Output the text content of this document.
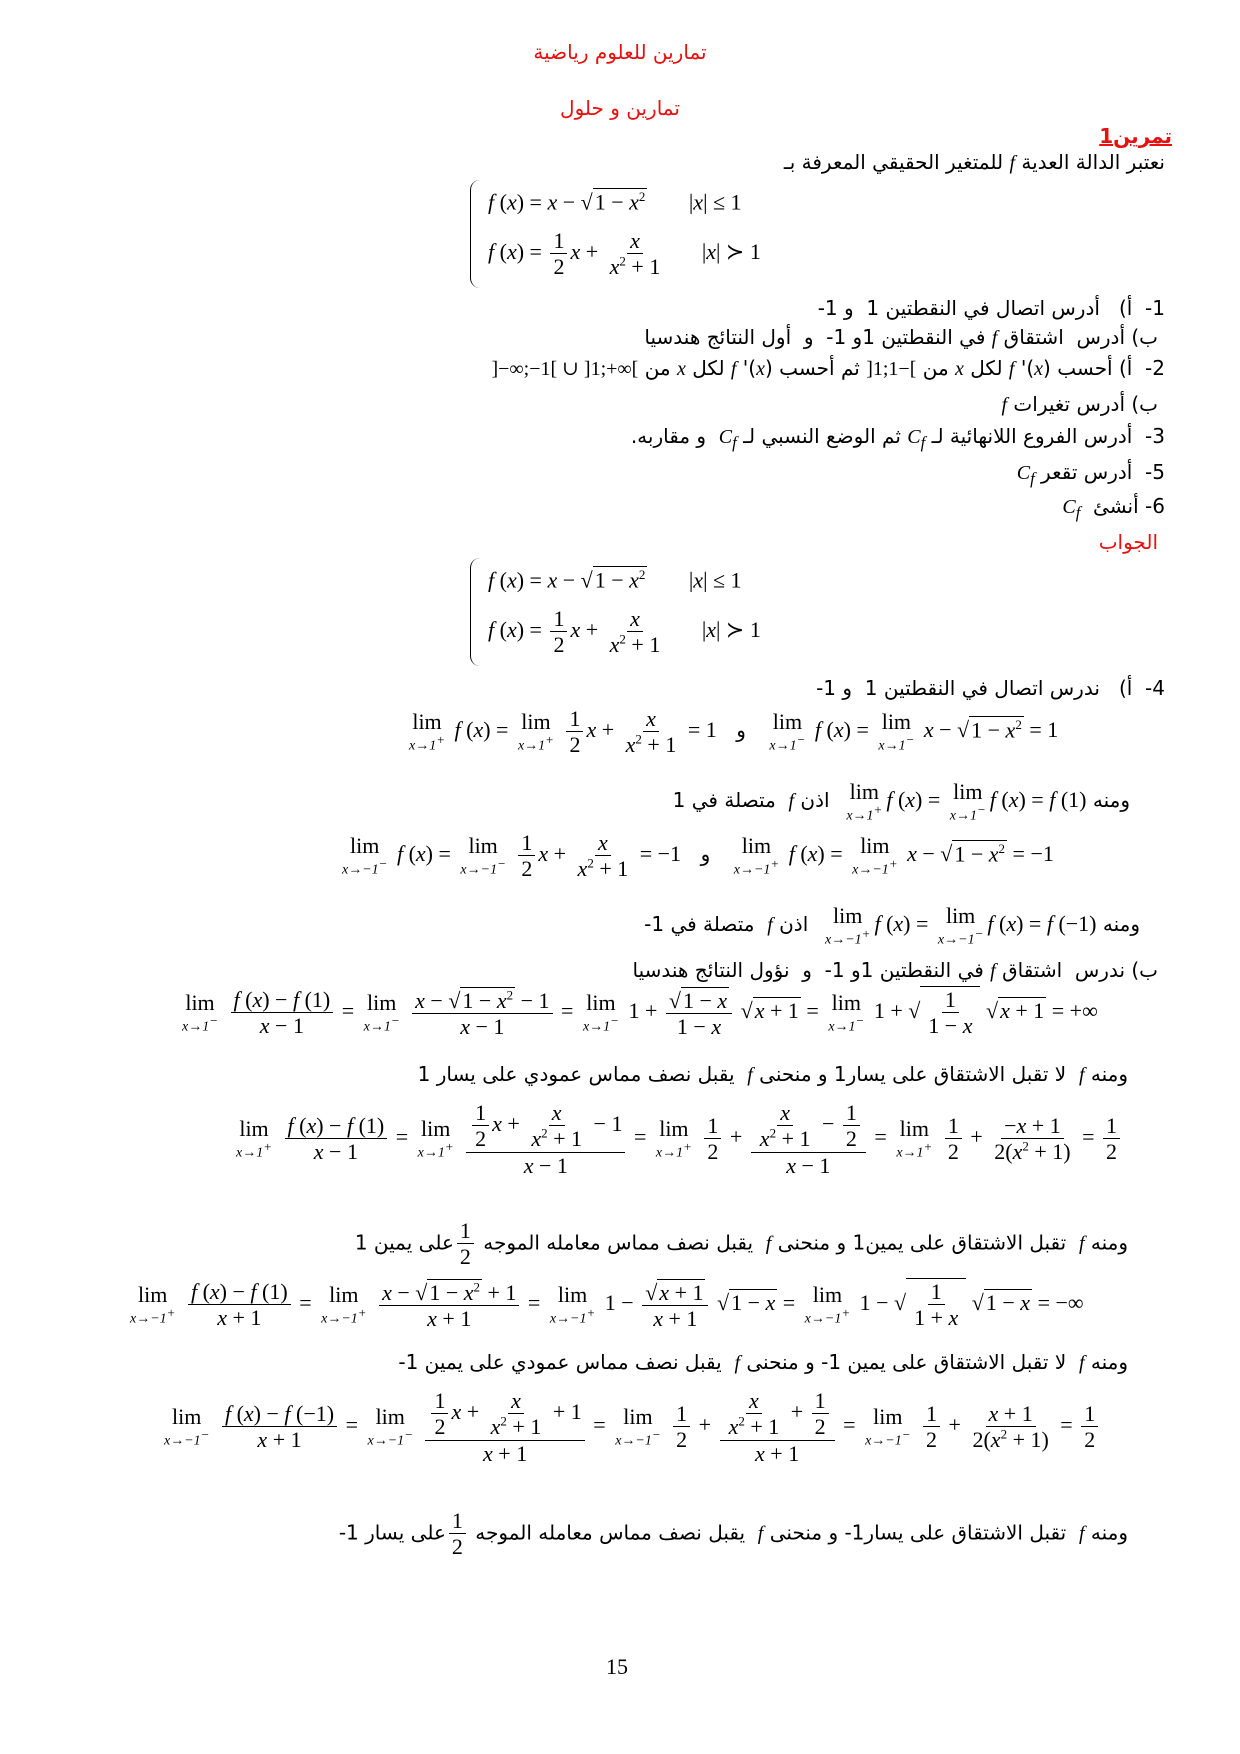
تمارين للعلوم رياضية
تمارين و حلول
تمرين1
نعتبر الدالة العدية f للمتغير الحقيقي المعرفة بـ
f $(x) = x - √1 - x^2$ |x| ≤ 1
f $(x) = \frac{1}{2}$ $x + \frac{x}{x^2 + 1} |x|$ ≻ 1
1-  أ)   أدرس اتصال في النقطتين 1  و 1-
ب) أدرس  اشتقاق f في النقطتين 1و 1-  و  أول النتائج هندسيا
2-  أ) أحسب f '(x) لكل x من ]−1;1[ ثم أحسب f '(x) لكل x من ]−∞;−1[ ∪ ]1;+∞[
ب) أدرس تغيرات f
3-  أدرس الفروع اللانهائية لـ $C_f$ ثم الوضع النسبي لـ $C_f$  و مقاربه.
5-  أدرس تقعر $C_f$
6- أنشئ  $C_f$
الجواب
f $(x) = x - √1 - x^2$ |x| ≤ 1
f $(x) = \frac{1}{2}$ $x + \frac{x}{x^2 + 1} |x|$ ≻ 1
4-  أ)   ندرس اتصال في النقطتين 1  و 1-
lim
x→1+ f (x) = lim
x→1+
$\frac{1}{2}$ $x + \frac{x}{x^2 + 1} = 1$ و lim
x→1− f (x) = lim
x→1− $x - √1 - x^2 = 1$
ومنه
lim
x→1+ f (x) = lim
x→1− f (x) = f (1)  اذن f  متصلة في 1
lim
x→−1− f (x) = lim
x→−1−
$\frac{1}{2}$ $x + \frac{x}{x^2 + 1} = -1$ و lim
x→−1+ f (x) = lim
x→−1+ $x - √1 - x^2 = -1$
ومنه
lim
x→−1+ f (x) = lim
x→−1− f (x) = f (−1)  اذن f  متصلة في 1-
ب) ندرس  اشتقاق f في النقطتين 1و 1-  و  نؤول النتائج هندسيا
lim
x→1−
$\frac{f (x) - f (1)}{x - 1} = \lim$
x→1−
$\frac{x - √1 - x^2 - 1}{x - 1} = \lim$
x→1− $1 + \frac{√1 - x}{1 - x} √x + 1 = \lim$
x→1− 1 + √ $\frac{1}{1 - x} √x + 1$ = +∞
ومنه f  لا تقبل الاشتقاق على يسار1 و منحنى f  يقبل نصف مماس عمودي على يسار 1
lim
x→1+
$\frac{f (x) - f (1)}{x - 1} = \lim$
x→1+
$\frac{\frac{1}{2} x + \frac{x}{x^2 + 1} - 1}{x - 1} = \lim$
x→1+
$\frac{1}{2} + \frac{\frac{x}{x^2 + 1} - \frac{1}{2}}{x - 1} = \lim$
x→1+
$\frac{1}{2} + \frac{-x + 1}{2(x^2 + 1)} = \frac{1}{2}$
ومنه f  تقبل الاشتقاق على يمين1 و منحنى f  يقبل نصف مماس معامله الموجه
$\frac{1}{2}$
على يمين 1
lim
x→−1+
$\frac{f (x) - f (1)}{x + 1} = \lim$
x→−1+
$\frac{x - √1 - x^2 + 1}{x + 1} = \lim$
x→−1+ $1 - \frac{√x + 1}{x + 1} √1 - x = \lim$
x→−1+ 1 − √ $\frac{1}{1 + x} √1 - x$ = −∞
ومنه f  لا تقبل الاشتقاق على يمين 1- و منحنى f  يقبل نصف مماس عمودي على يمين 1-
lim
x→−1−
$\frac{f (x) - f (-1)}{x + 1} = \lim$
x→−1−
$\frac{\frac{1}{2} x + \frac{x}{x^2 + 1} + 1}{x + 1} = \lim$
x→−1−
$\frac{1}{2} + \frac{\frac{x}{x^2 + 1} + \frac{1}{2}}{x + 1} = \lim$
x→−1−
$\frac{1}{2} + \frac{x + 1}{2(x^2 + 1)} = \frac{1}{2}$
ومنه f  تقبل الاشتقاق على يسار1- و منحنى f  يقبل نصف مماس معامله الموجه
$\frac{1}{2}$
على يسار 1-
15
